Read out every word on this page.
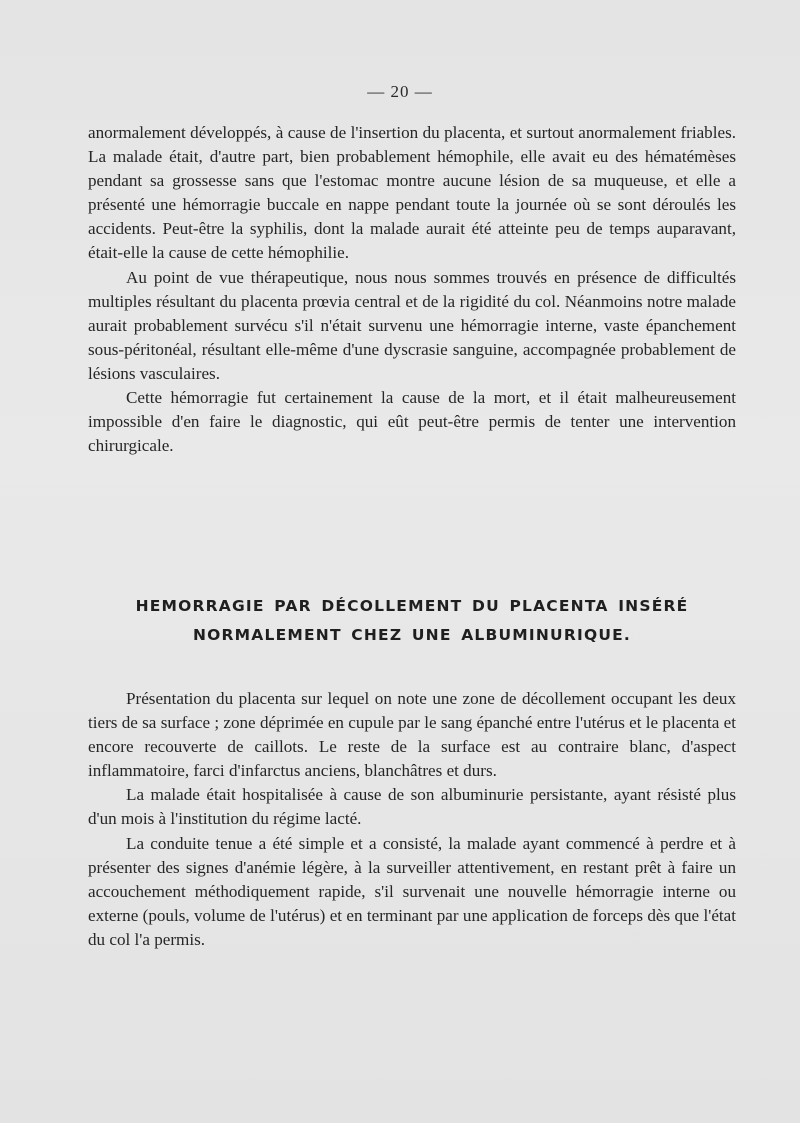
— 20 —

anormalement développés, à cause de l'insertion du placenta, et surtout anormalement friables. La malade était, d'autre part, bien probablement hémophile, elle avait eu des hématémèses pendant sa grossesse sans que l'estomac montre aucune lésion de sa muqueuse, et elle a présenté une hémorragie buccale en nappe pendant toute la journée où se sont déroulés les accidents. Peut-être la syphilis, dont la malade aurait été atteinte peu de temps auparavant, était-elle la cause de cette hémophilie.

Au point de vue thérapeutique, nous nous sommes trouvés en présence de difficultés multiples résultant du placenta prœvia central et de la rigidité du col. Néanmoins notre malade aurait probablement survécu s'il n'était survenu une hémorragie interne, vaste épanchement sous-péritonéal, résultant elle-même d'une dyscrasie sanguine, accompagnée probablement de lésions vasculaires.

Cette hémorragie fut certainement la cause de la mort, et il était malheureusement impossible d'en faire le diagnostic, qui eût peut-être permis de tenter une intervention chirurgicale.

HEMORRAGIE PAR DÉCOLLEMENT DU PLACENTA INSÉRÉ
NORMALEMENT CHEZ UNE ALBUMINURIQUE.

Présentation du placenta sur lequel on note une zone de décollement occupant les deux tiers de sa surface ; zone déprimée en cupule par le sang épanché entre l'utérus et le placenta et encore recouverte de caillots. Le reste de la surface est au contraire blanc, d'aspect inflammatoire, farci d'infarctus anciens, blanchâtres et durs.

La malade était hospitalisée à cause de son albuminurie persistante, ayant résisté plus d'un mois à l'institution du régime lacté.

La conduite tenue a été simple et a consisté, la malade ayant commencé à perdre et à présenter des signes d'anémie légère, à la surveiller attentivement, en restant prêt à faire un accouchement méthodiquement rapide, s'il survenait une nouvelle hémorragie interne ou externe (pouls, volume de l'utérus) et en terminant par une application de forceps dès que l'état du col l'a permis.
